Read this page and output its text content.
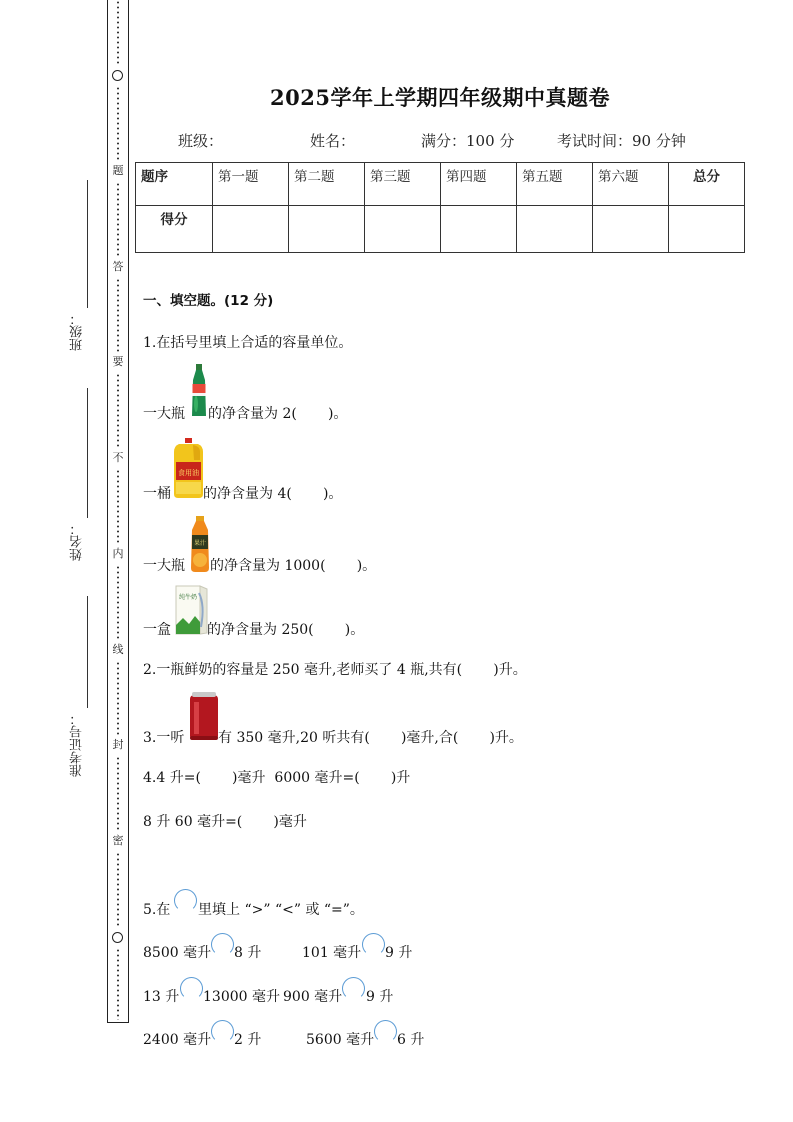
题
答
要
不
内
线
封
密
班级：
姓名：
准考证号：
2025学年上学期四年级期中真题卷
班级：	姓名：	满分：100 分	考试时间：90 分钟
题序	第一题	第二题	第三题	第四题	第五题	第六题	总分
得分							
一、填空题。(12 分)
1.在括号里填上合适的容量单位。
一大瓶 的净含量为 2(       )。
一桶
食用油
的净含量为 4(       )。
一大瓶
果汁
的净含量为 1000(       )。
一盒
纯牛奶
的净含量为 250(       )。
2.一瓶鲜奶的容量是 250 毫升,老师买了 4 瓶,共有(       )升。
3.一听 有 350 毫升,20 听共有(       )毫升,合(       )升。
4.4 升=(       )毫升  6000 毫升=(       )升
8 升 60 毫升=(       )毫升
5.在 里填上 “>” “<” 或 “=”。
8500 毫升 8 升	101 毫升 9 升
13 升 13000 毫升 900 毫升 9 升
2400 毫升 2 升	5600 毫升 6 升
